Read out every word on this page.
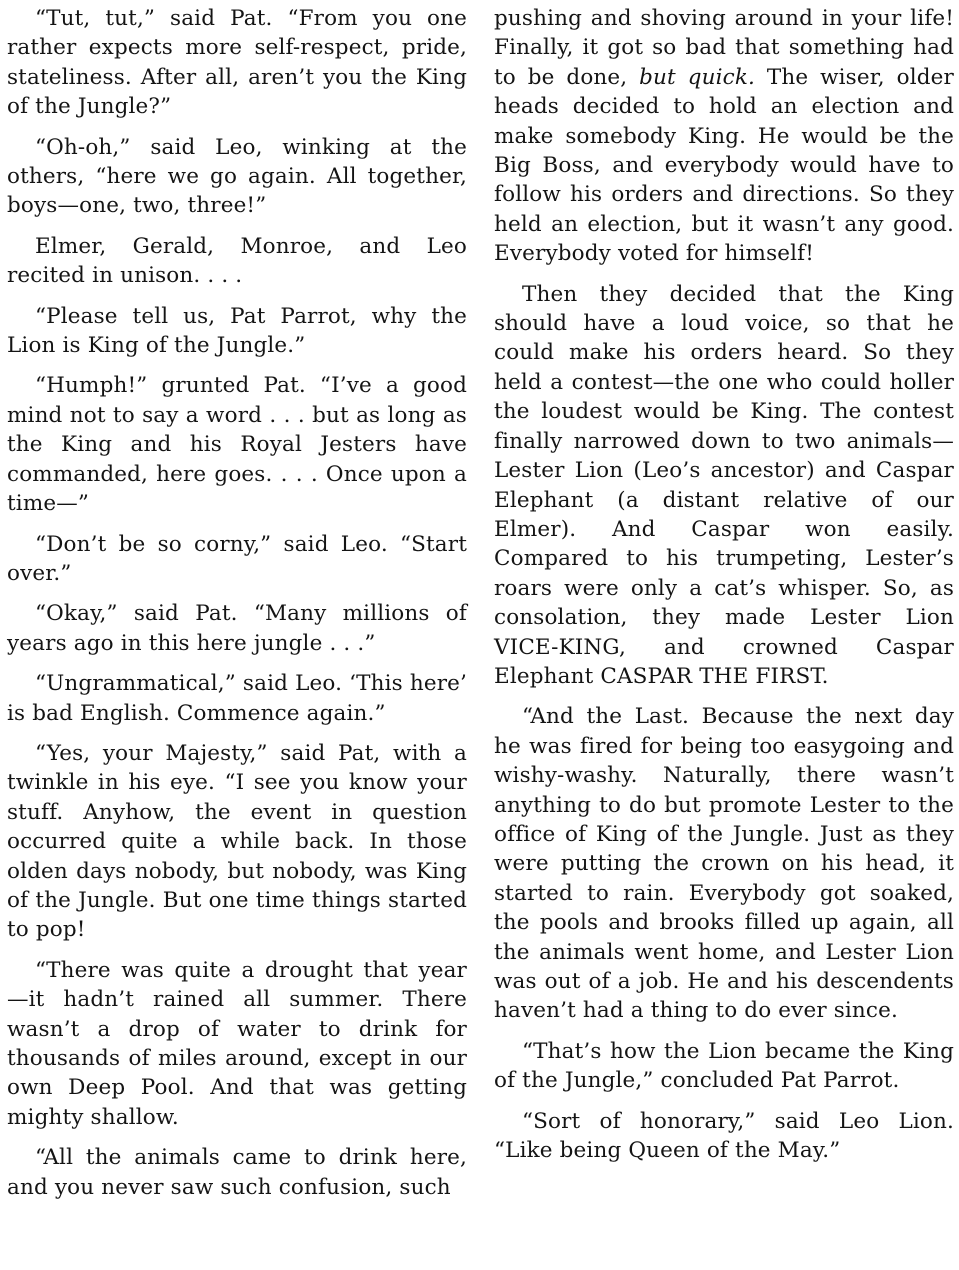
“Tut, tut,” said Pat. “From you one rather expects more self-respect, pride, stateliness. After all, aren’t you the King of the Jungle?”

“Oh-oh,” said Leo, winking at the others, “here we go again. All together, boys—one, two, three!”

Elmer, Gerald, Monroe, and Leo recited in unison. . . .

“Please tell us, Pat Parrot, why the Lion is King of the Jungle.”

“Humph!” grunted Pat. “I’ve a good mind not to say a word . . . but as long as the King and his Royal Jesters have commanded, here goes. . . . Once upon a time—”

“Don’t be so corny,” said Leo. “Start over.”

“Okay,” said Pat. “Many millions of years ago in this here jungle . . .”

“Ungrammatical,” said Leo. ‘This here’ is bad English. Commence again.”

“Yes, your Majesty,” said Pat, with a twinkle in his eye. “I see you know your stuff. Anyhow, the event in question occurred quite a while back. In those olden days nobody, but nobody, was King of the Jungle. But one time things started to pop!

“There was quite a drought that year —it hadn’t rained all summer. There wasn’t a drop of water to drink for thousands of miles around, except in our own Deep Pool. And that was getting mighty shallow.

“All the animals came to drink here, and you never saw such confusion, such

pushing and shoving around in your life! Finally, it got so bad that something had to be done, but quick. The wiser, older heads decided to hold an election and make somebody King. He would be the Big Boss, and everybody would have to follow his orders and directions. So they held an election, but it wasn’t any good. Everybody voted for himself!

Then they decided that the King should have a loud voice, so that he could make his orders heard. So they held a contest—the one who could holler the loudest would be King. The contest finally narrowed down to two animals—Lester Lion (Leo’s ancestor) and Caspar Elephant (a distant relative of our Elmer). And Caspar won easily. Compared to his trumpeting, Lester’s roars were only a cat’s whisper. So, as consolation, they made Lester Lion VICE-KING, and crowned Caspar Elephant CASPAR THE FIRST.

“And the Last. Because the next day he was fired for being too easygoing and wishy-washy. Naturally, there wasn’t anything to do but promote Lester to the office of King of the Jungle. Just as they were putting the crown on his head, it started to rain. Everybody got soaked, the pools and brooks filled up again, all the animals went home, and Lester Lion was out of a job. He and his descendents haven’t had a thing to do ever since.

“That’s how the Lion became the King of the Jungle,” concluded Pat Parrot.

“Sort of honorary,” said Leo Lion. “Like being Queen of the May.”
